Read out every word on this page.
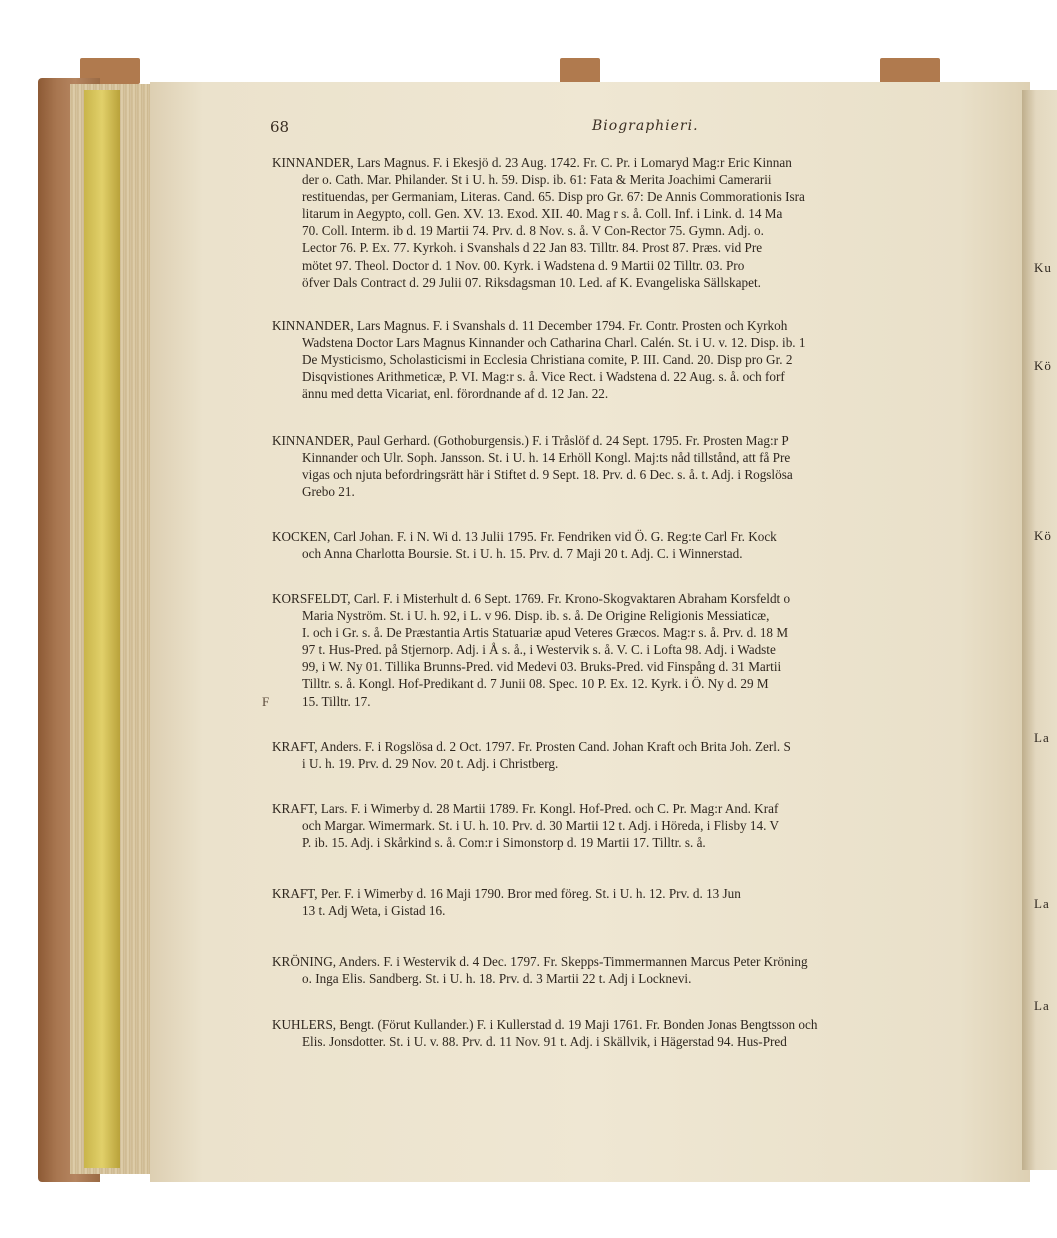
68	Biographieri.
KINNANDER, Lars Magnus. F. i Ekesjö d. 23 Aug. 1742. Fr. C. Pr. i Lomaryd Mag:r Eric Kinnan
der o. Cath. Mar. Philander. St i U. h. 59. Disp. ib. 61: Fata & Merita Joachimi Camerarii
restituendas, per Germaniam, Literas. Cand. 65. Disp pro Gr. 67: De Annis Commorationis Isra
litarum in Aegypto, coll. Gen. XV. 13. Exod. XII. 40. Mag r s. å. Coll. Inf. i Link. d. 14 Ma
70. Coll. Interm. ib d. 19 Martii 74. Prv. d. 8 Nov. s. å. V Con-Rector 75. Gymn. Adj. o.
Lector 76. P. Ex. 77. Kyrkoh. i Svanshals d 22 Jan 83. Tilltr. 84. Prost 87. Præs. vid Pre
mötet 97. Theol. Doctor d. 1 Nov. 00. Kyrk. i Wadstena d. 9 Martii 02 Tilltr. 03. Pro
öfver Dals Contract d. 29 Julii 07. Riksdagsman 10. Led. af K. Evangeliska Sällskapet.
KINNANDER, Lars Magnus. F. i Svanshals d. 11 December 1794. Fr. Contr. Prosten och Kyrkoh
Wadstena Doctor Lars Magnus Kinnander och Catharina Charl. Calén. St. i U. v. 12. Disp. ib. 1
De Mysticismo, Scholasticismi in Ecclesia Christiana comite, P. III. Cand. 20. Disp pro Gr. 2
Disqvistiones Arithmeticæ, P. VI. Mag:r s. å. Vice Rect. i Wadstena d. 22 Aug. s. å. och forf
ännu med detta Vicariat, enl. förordnande af d. 12 Jan. 22.
KINNANDER, Paul Gerhard. (Gothoburgensis.) F. i Tråslöf d. 24 Sept. 1795. Fr. Prosten Mag:r P
Kinnander och Ulr. Soph. Jansson. St. i U. h. 14 Erhöll Kongl. Maj:ts nåd tillstånd, att få Pre
vigas och njuta befordringsrätt här i Stiftet d. 9 Sept. 18. Prv. d. 6 Dec. s. å. t. Adj. i Rogslösa
Grebo 21.
KOCKEN, Carl Johan. F. i N. Wi d. 13 Julii 1795. Fr. Fendriken vid Ö. G. Reg:te Carl Fr. Kock
och Anna Charlotta Boursie. St. i U. h. 15. Prv. d. 7 Maji 20 t. Adj. C. i Winnerstad.
KORSFELDT, Carl. F. i Misterhult d. 6 Sept. 1769. Fr. Krono-Skogvaktaren Abraham Korsfeldt o
Maria Nyström. St. i U. h. 92, i L. v 96. Disp. ib. s. å. De Origine Religionis Messiaticæ,
I. och i Gr. s. å. De Præstantia Artis Statuariæ apud Veteres Græcos. Mag:r s. å. Prv. d. 18 M
97 t. Hus-Pred. på Stjernorp. Adj. i Å s. å., i Westervik s. å. V. C. i Lofta 98. Adj. i Wadste
99, i W. Ny 01. Tillika Brunns-Pred. vid Medevi 03. Bruks-Pred. vid Finspång d. 31 Martii
Tilltr. s. å. Kongl. Hof-Predikant d. 7 Junii 08. Spec. 10 P. Ex. 12. Kyrk. i Ö. Ny d. 29 M
15. Tilltr. 17.
KRAFT, Anders. F. i Rogslösa d. 2 Oct. 1797. Fr. Prosten Cand. Johan Kraft och Brita Joh. Zerl. S
i U. h. 19. Prv. d. 29 Nov. 20 t. Adj. i Christberg.
KRAFT, Lars. F. i Wimerby d. 28 Martii 1789. Fr. Kongl. Hof-Pred. och C. Pr. Mag:r And. Kraf
och Margar. Wimermark. St. i U. h. 10. Prv. d. 30 Martii 12 t. Adj. i Höreda, i Flisby 14. V
P. ib. 15. Adj. i Skårkind s. å. Com:r i Simonstorp d. 19 Martii 17. Tilltr. s. å.
KRAFT, Per. F. i Wimerby d. 16 Maji 1790. Bror med föreg. St. i U. h. 12. Prv. d. 13 Jun
13 t. Adj Weta, i Gistad 16.
KRÖNING, Anders. F. i Westervik d. 4 Dec. 1797. Fr. Skepps-Timmermannen Marcus Peter Kröning
o. Inga Elis. Sandberg. St. i U. h. 18. Prv. d. 3 Martii 22 t. Adj i Locknevi.
KUHLERS, Bengt. (Förut Kullander.) F. i Kullerstad d. 19 Maji 1761. Fr. Bonden Jonas Bengtsson och
Elis. Jonsdotter. St. i U. v. 88. Prv. d. 11 Nov. 91 t. Adj. i Skällvik, i Hägerstad 94. Hus-Pred
F
Ku
Kö
Kö
La
La
La
